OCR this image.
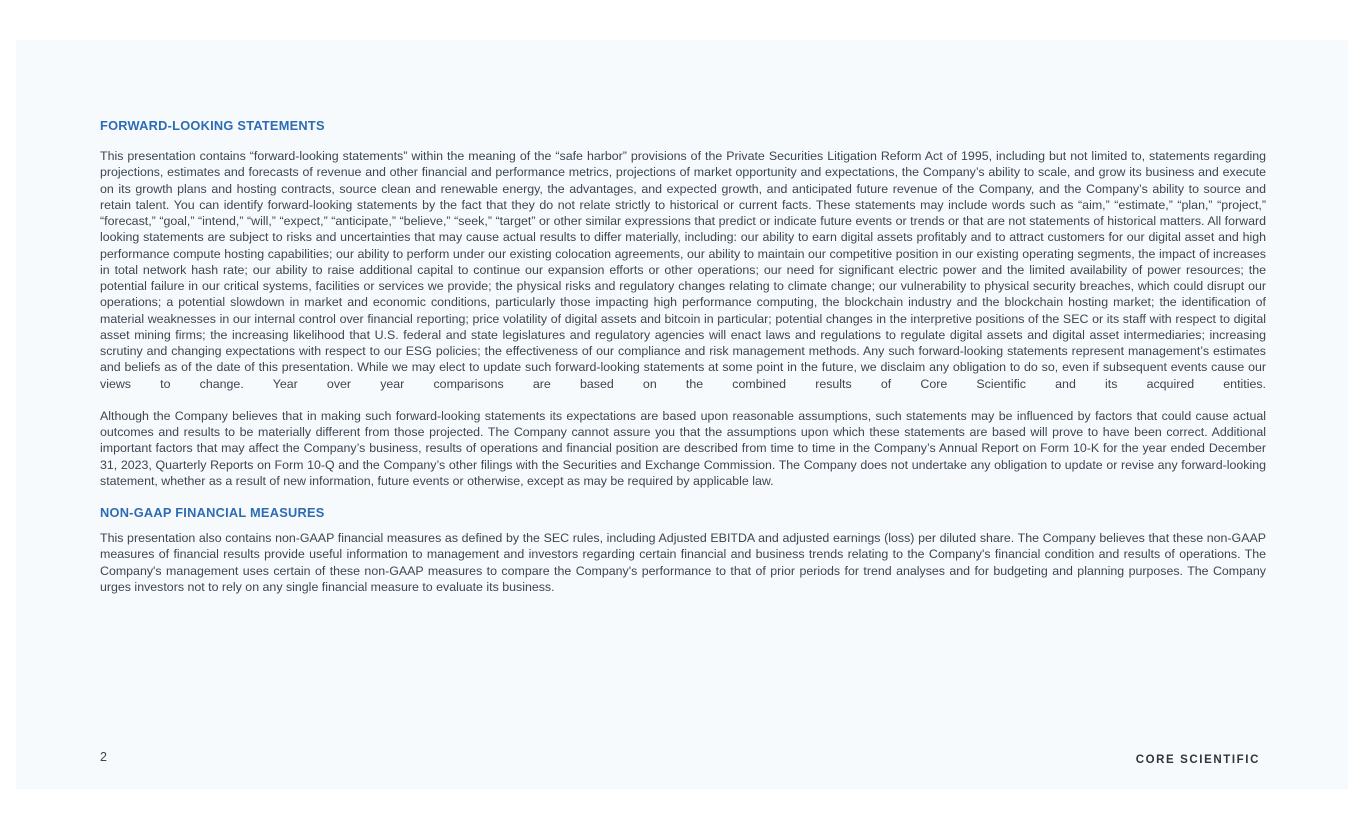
FORWARD-LOOKING STATEMENTS

This presentation contains “forward-looking statements” within the meaning of the “safe harbor” provisions of the Private Securities Litigation Reform Act of 1995, including but not limited to, statements regarding projections, estimates and forecasts of revenue and other financial and performance metrics, projections of market opportunity and expectations, the Company’s ability to scale, and grow its business and execute on its growth plans and hosting contracts, source clean and renewable energy, the advantages, and expected growth, and anticipated future revenue of the Company, and the Company’s ability to source and retain talent. You can identify forward-looking statements by the fact that they do not relate strictly to historical or current facts. These statements may include words such as “aim,” “estimate,” “plan,” “project,” “forecast,” “goal,” “intend,” “will,” “expect,” “anticipate,” “believe,” “seek,” “target” or other similar expressions that predict or indicate future events or trends or that are not statements of historical matters. All forward looking statements are subject to risks and uncertainties that may cause actual results to differ materially, including: our ability to earn digital assets profitably and to attract customers for our digital asset and high performance compute hosting capabilities; our ability to perform under our existing colocation agreements, our ability to maintain our competitive position in our existing operating segments, the impact of increases in total network hash rate; our ability to raise additional capital to continue our expansion efforts or other operations; our need for significant electric power and the limited availability of power resources; the potential failure in our critical systems, facilities or services we provide; the physical risks and regulatory changes relating to climate change; our vulnerability to physical security breaches, which could disrupt our operations; a potential slowdown in market and economic conditions, particularly those impacting high performance computing, the blockchain industry and the blockchain hosting market; the identification of material weaknesses in our internal control over financial reporting; price volatility of digital assets and bitcoin in particular; potential changes in the interpretive positions of the SEC or its staff with respect to digital asset mining firms; the increasing likelihood that U.S. federal and state legislatures and regulatory agencies will enact laws and regulations to regulate digital assets and digital asset intermediaries; increasing scrutiny and changing expectations with respect to our ESG policies; the effectiveness of our compliance and risk management methods. Any such forward-looking statements represent management’s estimates and beliefs as of the date of this presentation. While we may elect to update such forward-looking statements at some point in the future, we disclaim any obligation to do so, even if subsequent events cause our views to change. Year over year comparisons are based on the combined results of Core Scientific and its acquired entities.

Although the Company believes that in making such forward-looking statements its expectations are based upon reasonable assumptions, such statements may be influenced by factors that could cause actual outcomes and results to be materially different from those projected. The Company cannot assure you that the assumptions upon which these statements are based will prove to have been correct. Additional important factors that may affect the Company’s business, results of operations and financial position are described from time to time in the Company’s Annual Report on Form 10-K for the year ended December 31, 2023, Quarterly Reports on Form 10-Q and the Company’s other filings with the Securities and Exchange Commission. The Company does not undertake any obligation to update or revise any forward-looking statement, whether as a result of new information, future events or otherwise, except as may be required by applicable law.

NON-GAAP FINANCIAL MEASURES

This presentation also contains non-GAAP financial measures as defined by the SEC rules, including Adjusted EBITDA and adjusted earnings (loss) per diluted share. The Company believes that these non-GAAP measures of financial results provide useful information to management and investors regarding certain financial and business trends relating to the Company's financial condition and results of operations. The Company's management uses certain of these non-GAAP measures to compare the Company's performance to that of prior periods for trend analyses and for budgeting and planning purposes. The Company urges investors not to rely on any single financial measure to evaluate its business.

2	CORE SCIENTIFIC
